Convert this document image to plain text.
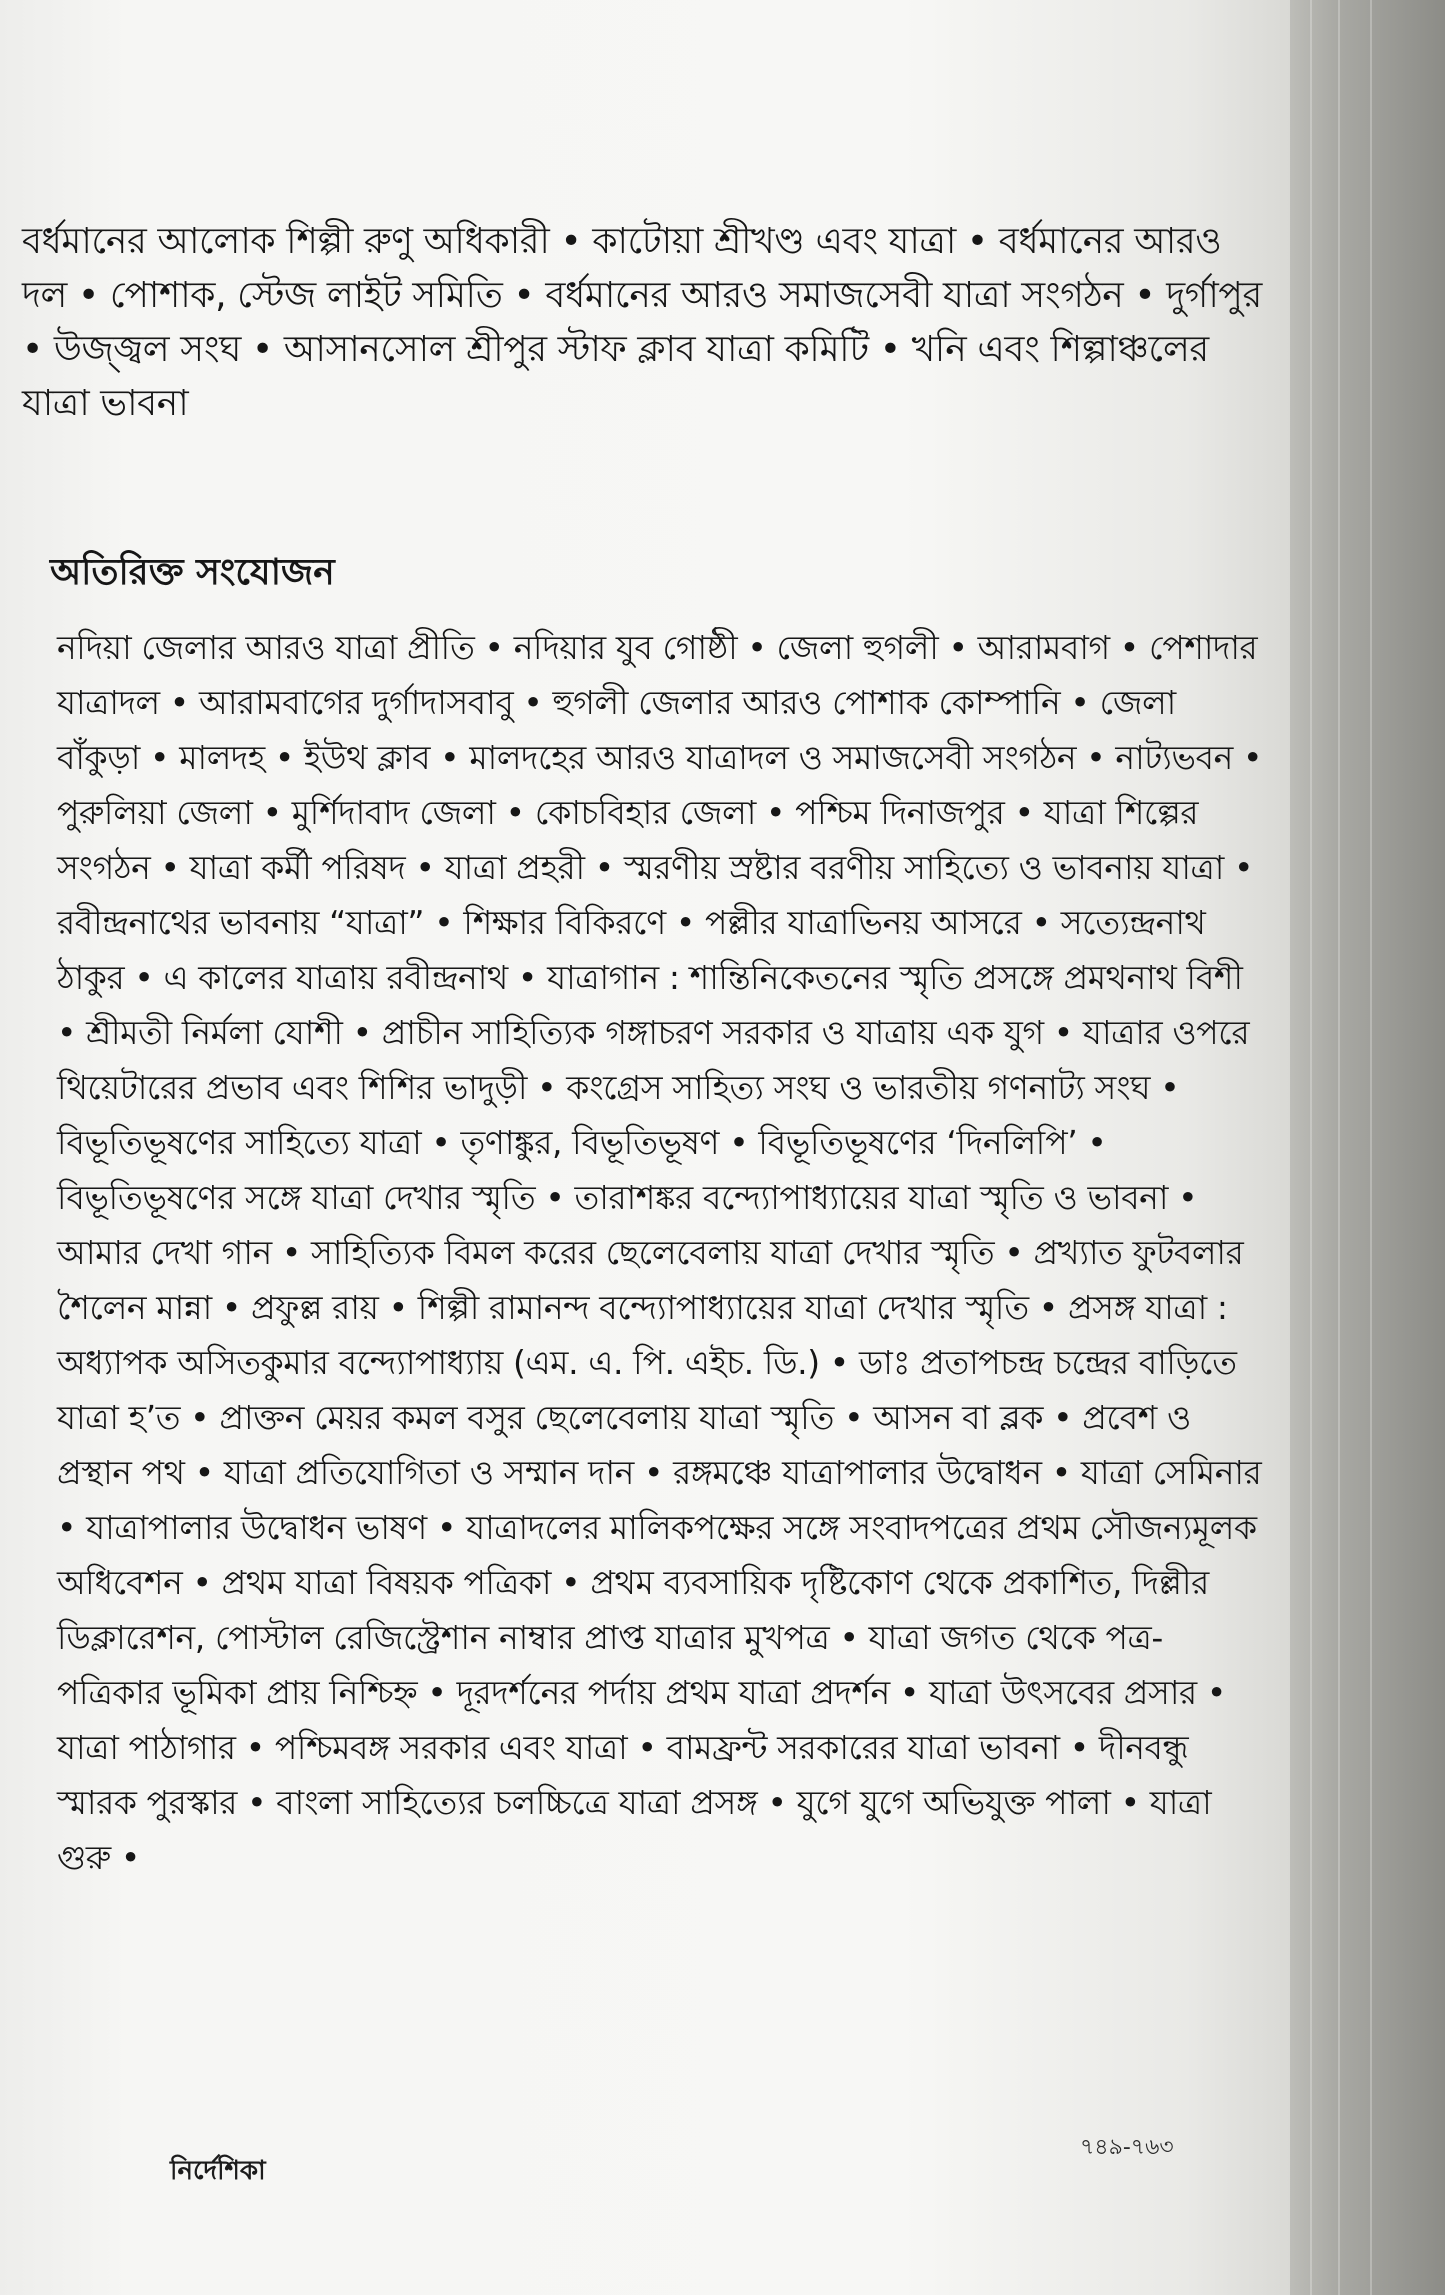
বর্ধমানের আলোক শিল্পী রুণু অধিকারী • কাটোয়া শ্রীখণ্ড এবং যাত্রা • বর্ধমানের আরও দল • পোশাক, স্টেজ লাইট সমিতি • বর্ধমানের আরও সমাজসেবী যাত্রা সংগঠন • দুর্গাপুর • উজ্জ্বল সংঘ • আসানসোল শ্রীপুর স্টাফ ক্লাব যাত্রা কমিটি • খনি এবং শিল্পাঞ্চলের যাত্রা ভাবনা

অতিরিক্ত সংযোজন

নদিয়া জেলার আরও যাত্রা প্রীতি • নদিয়ার যুব গোষ্ঠী • জেলা হুগলী • আরামবাগ • পেশাদার যাত্রাদল • আরামবাগের দুর্গাদাসবাবু • হুগলী জেলার আরও পোশাক কোম্পানি • জেলা বাঁকুড়া • মালদহ • ইউথ ক্লাব • মালদহের আরও যাত্রাদল ও সমাজসেবী সংগঠন • নাট্যভবন • পুরুলিয়া জেলা • মুর্শিদাবাদ জেলা • কোচবিহার জেলা • পশ্চিম দিনাজপুর • যাত্রা শিল্পের সংগঠন • যাত্রা কর্মী পরিষদ • যাত্রা প্রহরী • স্মরণীয় স্রষ্টার বরণীয় সাহিত্যে ও ভাবনায় যাত্রা • রবীন্দ্রনাথের ভাবনায় “যাত্রা” • শিক্ষার বিকিরণে • পল্লীর যাত্রাভিনয় আসরে • সত্যেন্দ্রনাথ ঠাকুর • এ কালের যাত্রায় রবীন্দ্রনাথ • যাত্রাগান : শান্তিনিকেতনের স্মৃতি প্রসঙ্গে প্রমথনাথ বিশী • শ্রীমতী নির্মলা যোশী • প্রাচীন সাহিত্যিক গঙ্গাচরণ সরকার ও যাত্রায় এক যুগ • যাত্রার ওপরে থিয়েটারের প্রভাব এবং শিশির ভাদুড়ী • কংগ্রেস সাহিত্য সংঘ ও ভারতীয় গণনাট্য সংঘ • বিভূতিভূষণের সাহিত্যে যাত্রা • তৃণাঙ্কুর, বিভূতিভূষণ • বিভূতিভূষণের ‘দিনলিপি’ • বিভূতিভূষণের সঙ্গে যাত্রা দেখার স্মৃতি • তারাশঙ্কর বন্দ্যোপাধ্যায়ের যাত্রা স্মৃতি ও ভাবনা • আমার দেখা গান • সাহিত্যিক বিমল করের ছেলেবেলায় যাত্রা দেখার স্মৃতি • প্রখ্যাত ফুটবলার শৈলেন মান্না • প্রফুল্ল রায় • শিল্পী রামানন্দ বন্দ্যোপাধ্যায়ের যাত্রা দেখার স্মৃতি • প্রসঙ্গ যাত্রা : অধ্যাপক অসিতকুমার বন্দ্যোপাধ্যায় (এম. এ. পি. এইচ. ডি.) • ডাঃ প্রতাপচন্দ্র চন্দ্রের বাড়িতে যাত্রা হ’ত • প্রাক্তন মেয়র কমল বসুর ছেলেবেলায় যাত্রা স্মৃতি • আসন বা ব্লক • প্রবেশ ও প্রস্থান পথ • যাত্রা প্রতিযোগিতা ও সম্মান দান • রঙ্গমঞ্চে যাত্রাপালার উদ্বোধন • যাত্রা সেমিনার • যাত্রাপালার উদ্বোধন ভাষণ • যাত্রাদলের মালিকপক্ষের সঙ্গে সংবাদপত্রের প্রথম সৌজন্যমূলক অধিবেশন • প্রথম যাত্রা বিষয়ক পত্রিকা • প্রথম ব্যবসায়িক দৃষ্টিকোণ থেকে প্রকাশিত, দিল্লীর ডিক্লারেশন, পোস্টাল রেজিস্ট্রেশান নাম্বার প্রাপ্ত যাত্রার মুখপত্র • যাত্রা জগত থেকে পত্র-পত্রিকার ভূমিকা প্রায় নিশ্চিহ্ন • দূরদর্শনের পর্দায় প্রথম যাত্রা প্রদর্শন • যাত্রা উৎসবের প্রসার • যাত্রা পাঠাগার • পশ্চিমবঙ্গ সরকার এবং যাত্রা • বামফ্রন্ট সরকারের যাত্রা ভাবনা • দীনবন্ধু স্মারক পুরস্কার • বাংলা সাহিত্যের চলচ্চিত্রে যাত্রা প্রসঙ্গ • যুগে যুগে অভিযুক্ত পালা • যাত্রা গুরু •

নির্দেশিকা
৭৪৯-৭৬৩
